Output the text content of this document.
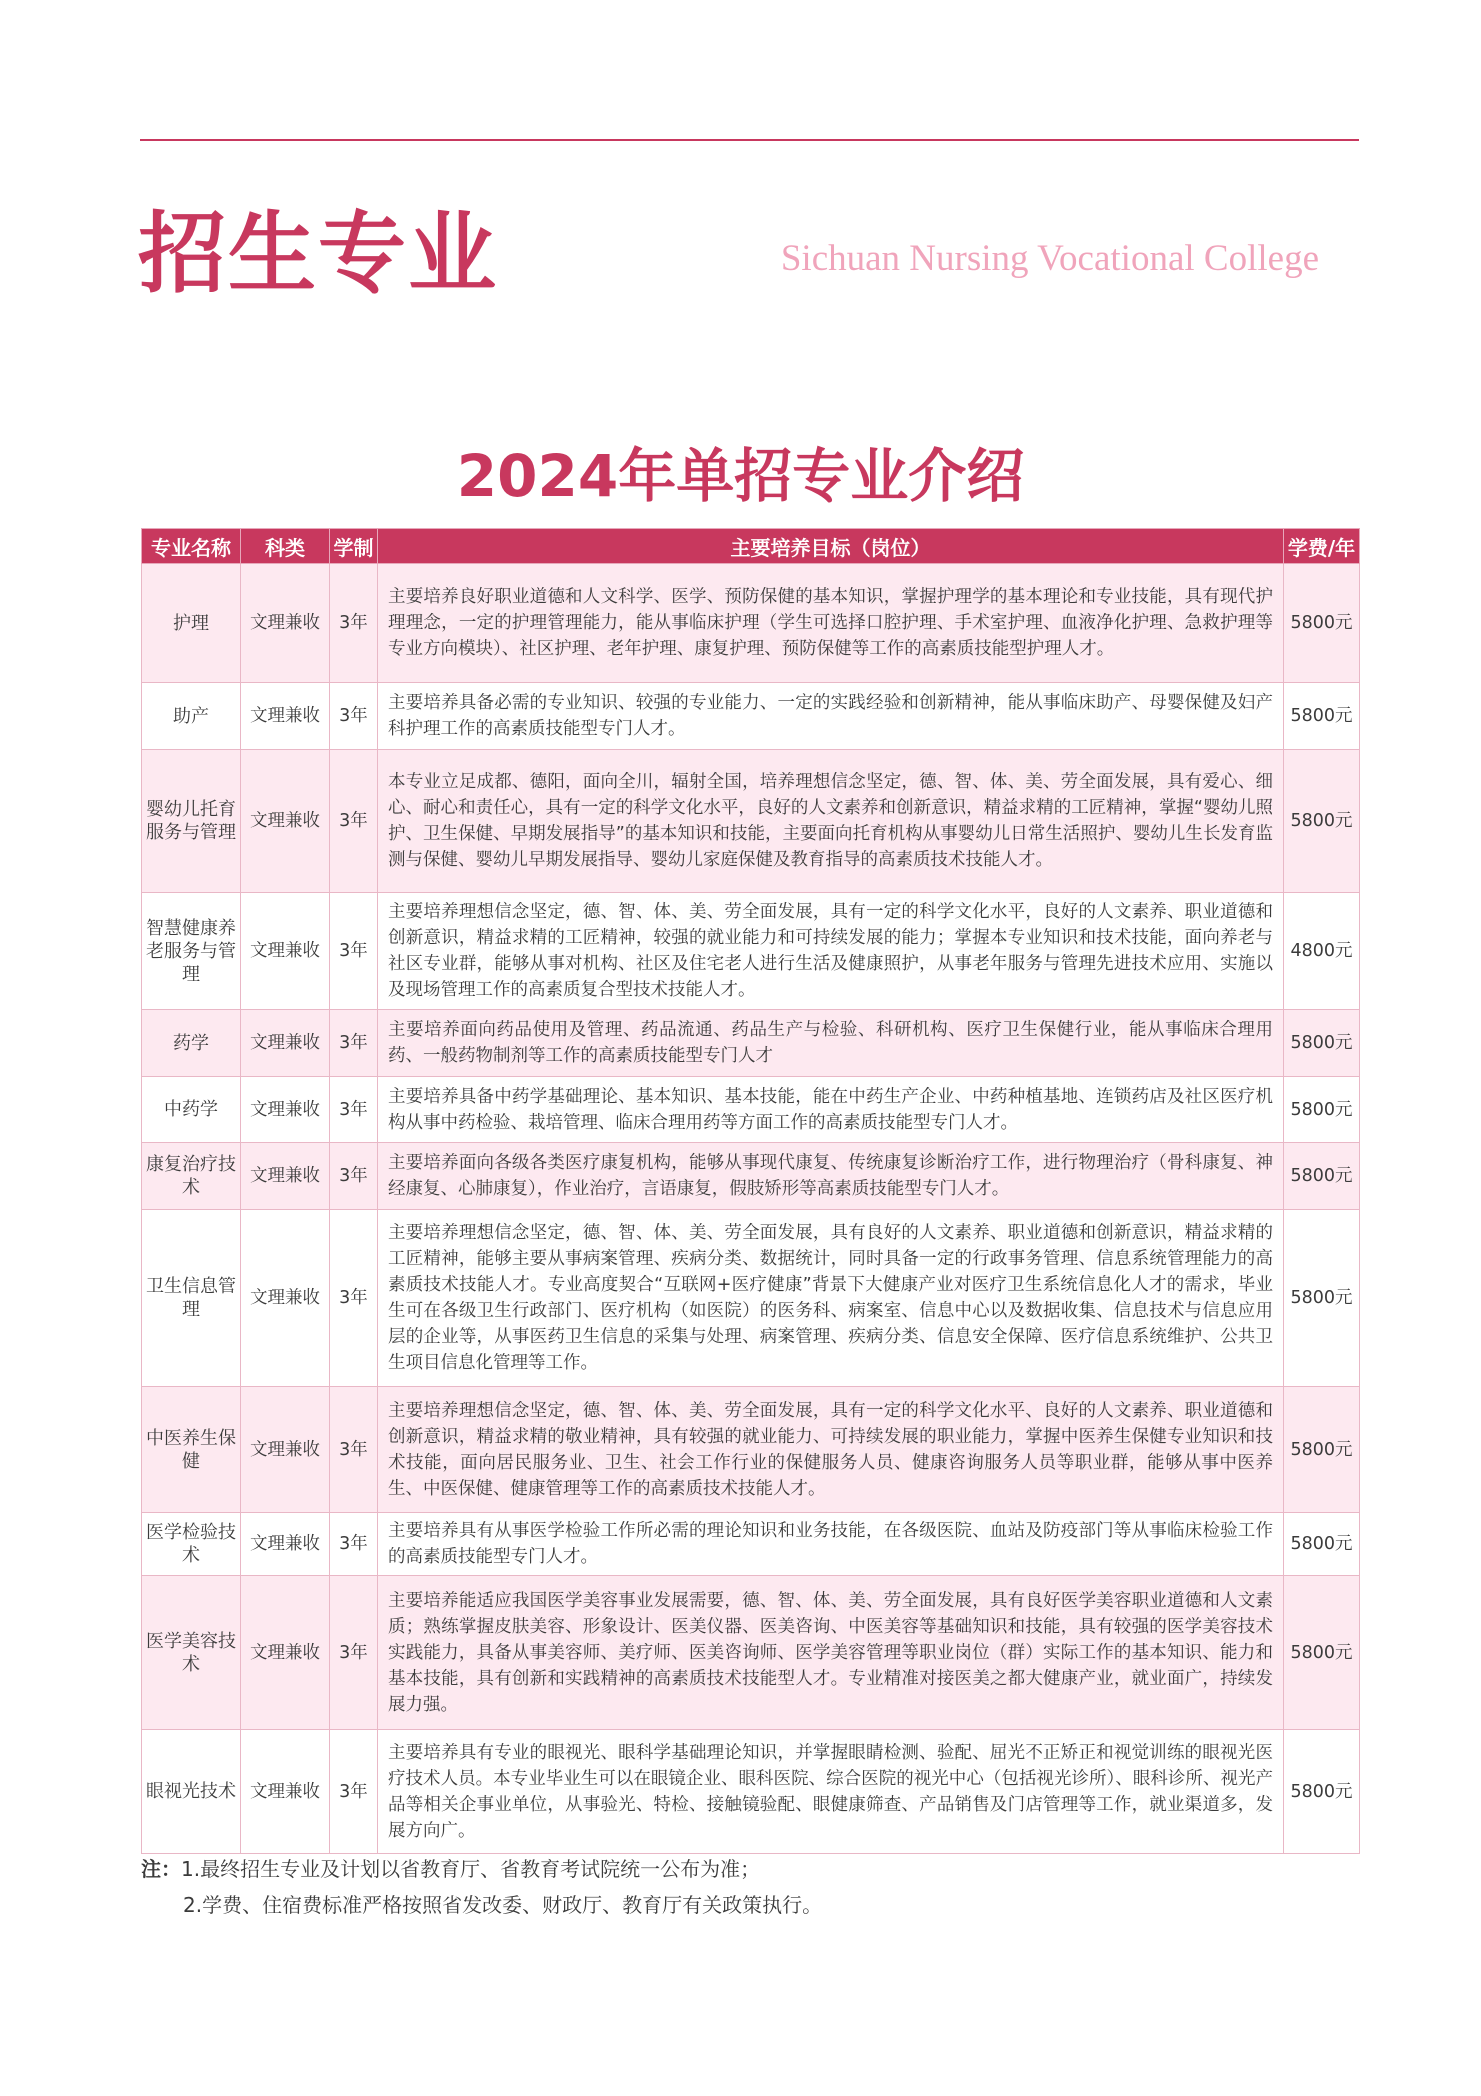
招生专业	Sichuan Nursing Vocational College
2024年单招专业介绍
专业名称	科类	学制	主要培养目标（岗位）	学费/年
护理	文理兼收	3年	主要培养良好职业道德和人文科学、医学、预防保健的基本知识，掌握护理学的基本理论和专业技能，具有现代护理理念，一定的护理管理能力，能从事临床护理（学生可选择口腔护理、手术室护理、血液净化护理、急救护理等专业方向模块）、社区护理、老年护理、康复护理、预防保健等工作的高素质技能型护理人才。	5800元
助产	文理兼收	3年	主要培养具备必需的专业知识、较强的专业能力、一定的实践经验和创新精神，能从事临床助产、母婴保健及妇产科护理工作的高素质技能型专门人才。	5800元
婴幼儿托育服务与管理	文理兼收	3年	本专业立足成都、德阳，面向全川，辐射全国，培养理想信念坚定，德、智、体、美、劳全面发展，具有爱心、细心、耐心和责任心，具有一定的科学文化水平，良好的人文素养和创新意识，精益求精的工匠精神，掌握“婴幼儿照护、卫生保健、早期发展指导”的基本知识和技能，主要面向托育机构从事婴幼儿日常生活照护、婴幼儿生长发育监测与保健、婴幼儿早期发展指导、婴幼儿家庭保健及教育指导的高素质技术技能人才。	5800元
智慧健康养老服务与管理	文理兼收	3年	主要培养理想信念坚定，德、智、体、美、劳全面发展，具有一定的科学文化水平，良好的人文素养、职业道德和创新意识，精益求精的工匠精神，较强的就业能力和可持续发展的能力；掌握本专业知识和技术技能，面向养老与社区专业群，能够从事对机构、社区及住宅老人进行生活及健康照护，从事老年服务与管理先进技术应用、实施以及现场管理工作的高素质复合型技术技能人才。	4800元
药学	文理兼收	3年	主要培养面向药品使用及管理、药品流通、药品生产与检验、科研机构、医疗卫生保健行业，能从事临床合理用药、一般药物制剂等工作的高素质技能型专门人才	5800元
中药学	文理兼收	3年	主要培养具备中药学基础理论、基本知识、基本技能，能在中药生产企业、中药种植基地、连锁药店及社区医疗机构从事中药检验、栽培管理、临床合理用药等方面工作的高素质技能型专门人才。	5800元
康复治疗技术	文理兼收	3年	主要培养面向各级各类医疗康复机构，能够从事现代康复、传统康复诊断治疗工作，进行物理治疗（骨科康复、神经康复、心肺康复），作业治疗，言语康复，假肢矫形等高素质技能型专门人才。	5800元
卫生信息管理	文理兼收	3年	主要培养理想信念坚定，德、智、体、美、劳全面发展，具有良好的人文素养、职业道德和创新意识，精益求精的工匠精神，能够主要从事病案管理、疾病分类、数据统计，同时具备一定的行政事务管理、信息系统管理能力的高素质技术技能人才。专业高度契合“互联网+医疗健康”背景下大健康产业对医疗卫生系统信息化人才的需求，毕业生可在各级卫生行政部门、医疗机构（如医院）的医务科、病案室、信息中心以及数据收集、信息技术与信息应用层的企业等，从事医药卫生信息的采集与处理、病案管理、疾病分类、信息安全保障、医疗信息系统维护、公共卫生项目信息化管理等工作。	5800元
中医养生保健	文理兼收	3年	主要培养理想信念坚定，德、智、体、美、劳全面发展，具有一定的科学文化水平、良好的人文素养、职业道德和创新意识，精益求精的敬业精神，具有较强的就业能力、可持续发展的职业能力，掌握中医养生保健专业知识和技术技能，面向居民服务业、卫生、社会工作行业的保健服务人员、健康咨询服务人员等职业群，能够从事中医养生、中医保健、健康管理等工作的高素质技术技能人才。	5800元
医学检验技术	文理兼收	3年	主要培养具有从事医学检验工作所必需的理论知识和业务技能，在各级医院、血站及防疫部门等从事临床检验工作的高素质技能型专门人才。	5800元
医学美容技术	文理兼收	3年	主要培养能适应我国医学美容事业发展需要，德、智、体、美、劳全面发展，具有良好医学美容职业道德和人文素质；熟练掌握皮肤美容、形象设计、医美仪器、医美咨询、中医美容等基础知识和技能，具有较强的医学美容技术实践能力，具备从事美容师、美疗师、医美咨询师、医学美容管理等职业岗位（群）实际工作的基本知识、能力和基本技能，具有创新和实践精神的高素质技术技能型人才。专业精准对接医美之都大健康产业，就业面广，持续发展力强。	5800元
眼视光技术	文理兼收	3年	主要培养具有专业的眼视光、眼科学基础理论知识，并掌握眼睛检测、验配、屈光不正矫正和视觉训练的眼视光医疗技术人员。本专业毕业生可以在眼镜企业、眼科医院、综合医院的视光中心（包括视光诊所）、眼科诊所、视光产品等相关企事业单位，从事验光、特检、接触镜验配、眼健康筛查、产品销售及门店管理等工作，就业渠道多，发展方向广。	5800元
注：1.最终招生专业及计划以省教育厅、省教育考试院统一公布为准；
2.学费、住宿费标准严格按照省发改委、财政厅、教育厅有关政策执行。
